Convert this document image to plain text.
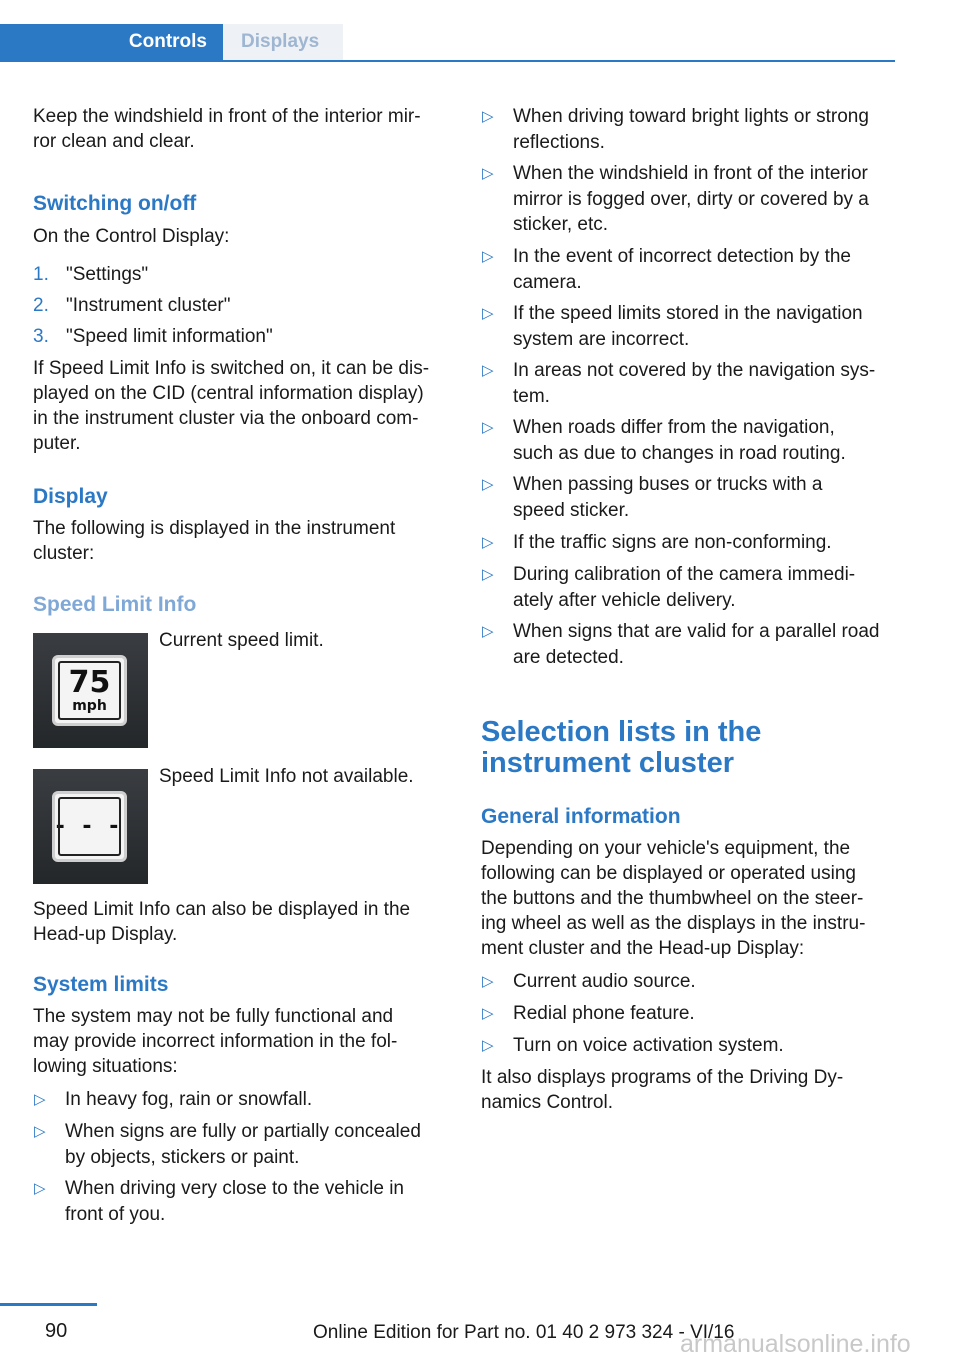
Controls Displays

Keep the windshield in front of the interior mir-
ror clean and clear.

Switching on/off

On the Control Display:

1. "Settings"
2. "Instrument cluster"
3. "Speed limit information"

If Speed Limit Info is switched on, it can be dis-
played on the CID (central information display)
in the instrument cluster via the onboard com-
puter.

Display

The following is displayed in the instrument
cluster:

Speed Limit Info

75
mph

Current speed limit.

- - -

Speed Limit Info not available.

Speed Limit Info can also be displayed in the
Head-up Display.

System limits

The system may not be fully functional and
may provide incorrect information in the fol-
lowing situations:

▷ In heavy fog, rain or snowfall.
▷ When signs are fully or partially concealed
by objects, stickers or paint.
▷ When driving very close to the vehicle in
front of you.
▷ When driving toward bright lights or strong
reflections.
▷ When the windshield in front of the interior
mirror is fogged over, dirty or covered by a
sticker, etc.
▷ In the event of incorrect detection by the
camera.
▷ If the speed limits stored in the navigation
system are incorrect.
▷ In areas not covered by the navigation sys-
tem.
▷ When roads differ from the navigation,
such as due to changes in road routing.
▷ When passing buses or trucks with a
speed sticker.
▷ If the traffic signs are non-conforming.
▷ During calibration of the camera immedi-
ately after vehicle delivery.
▷ When signs that are valid for a parallel road
are detected.

Selection lists in the
instrument cluster

General information

Depending on your vehicle's equipment, the
following can be displayed or operated using
the buttons and the thumbwheel on the steer-
ing wheel as well as the displays in the instru-
ment cluster and the Head-up Display:

▷ Current audio source.
▷ Redial phone feature.
▷ Turn on voice activation system.

It also displays programs of the Driving Dy-
namics Control.

90	Online Edition for Part no. 01 40 2 973 324 - VI/16
armanualsonline.info
